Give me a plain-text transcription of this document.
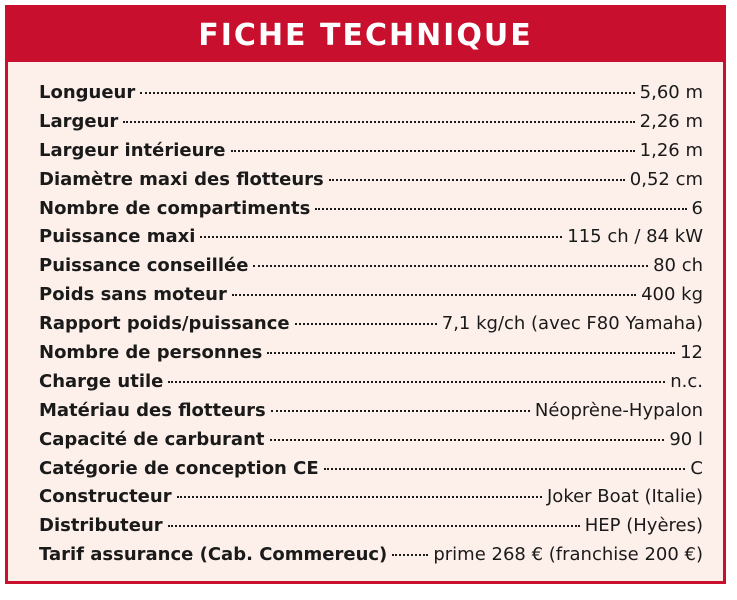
FICHE TECHNIQUE
Longueur	5,60 m
Largeur	2,26 m
Largeur intérieure	1,26 m
Diamètre maxi des flotteurs	0,52 cm
Nombre de compartiments	6
Puissance maxi	115 ch / 84 kW
Puissance conseillée	80 ch
Poids sans moteur	400 kg
Rapport poids/puissance	7,1 kg/ch (avec F80 Yamaha)
Nombre de personnes	12
Charge utile	n.c.
Matériau des flotteurs	Néoprène-Hypalon
Capacité de carburant	90 l
Catégorie de conception CE	C
Constructeur	Joker Boat (Italie)
Distributeur	HEP (Hyères)
Tarif assurance (Cab. Commereuc)	prime 268 € (franchise 200 €)
